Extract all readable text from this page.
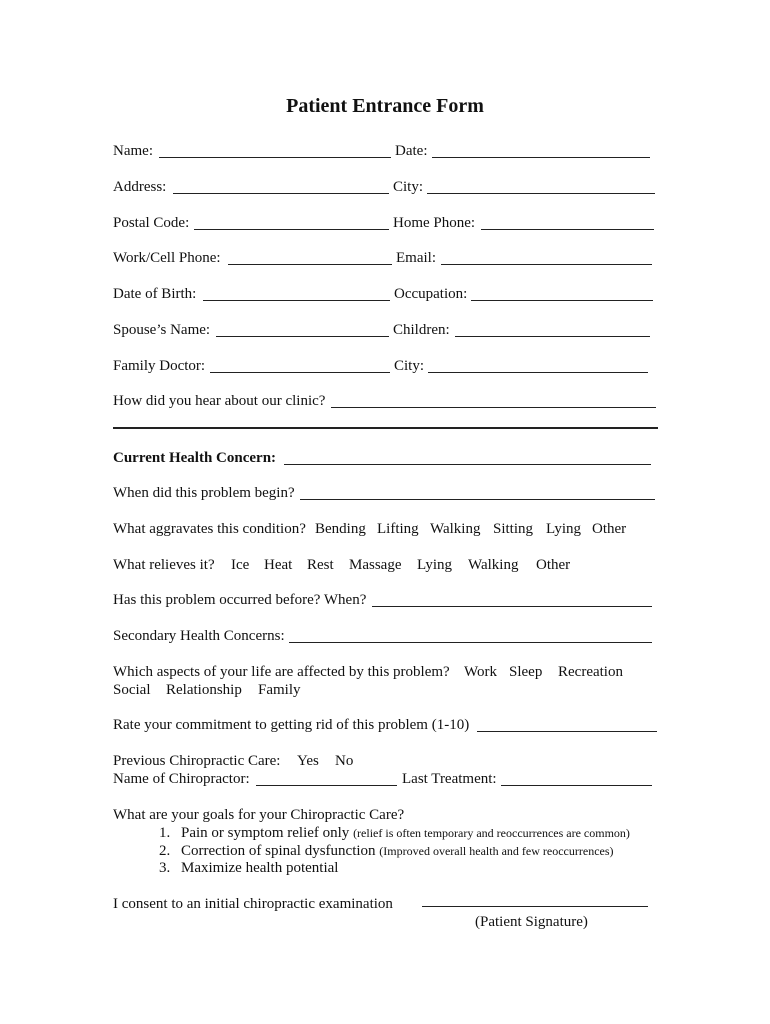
Patient Entrance Form
Name:	Date:
Address:	City:
Postal Code:	Home Phone:
Work/Cell Phone:	Email:
Date of Birth:	Occupation:
Spouse’s Name:	Children:
Family Doctor:	City:
How did you hear about our clinic?
Current Health Concern:
When did this problem begin?
What aggravates this condition? Bending Lifting Walking Sitting Lying Other
What relieves it? Ice Heat Rest Massage Lying Walking Other
Has this problem occurred before? When?
Secondary Health Concerns:
Which aspects of your life are affected by this problem? Work Sleep Recreation
Social Relationship Family
Rate your commitment to getting rid of this problem (1-10)
Previous Chiropractic Care: Yes No
Name of Chiropractor:	Last Treatment:
What are your goals for your Chiropractic Care?
1. Pain or symptom relief only (relief is often temporary and reoccurrences are common)
2. Correction of spinal dysfunction (Improved overall health and few reoccurrences)
3. Maximize health potential
I consent to an initial chiropractic examination
(Patient Signature)
